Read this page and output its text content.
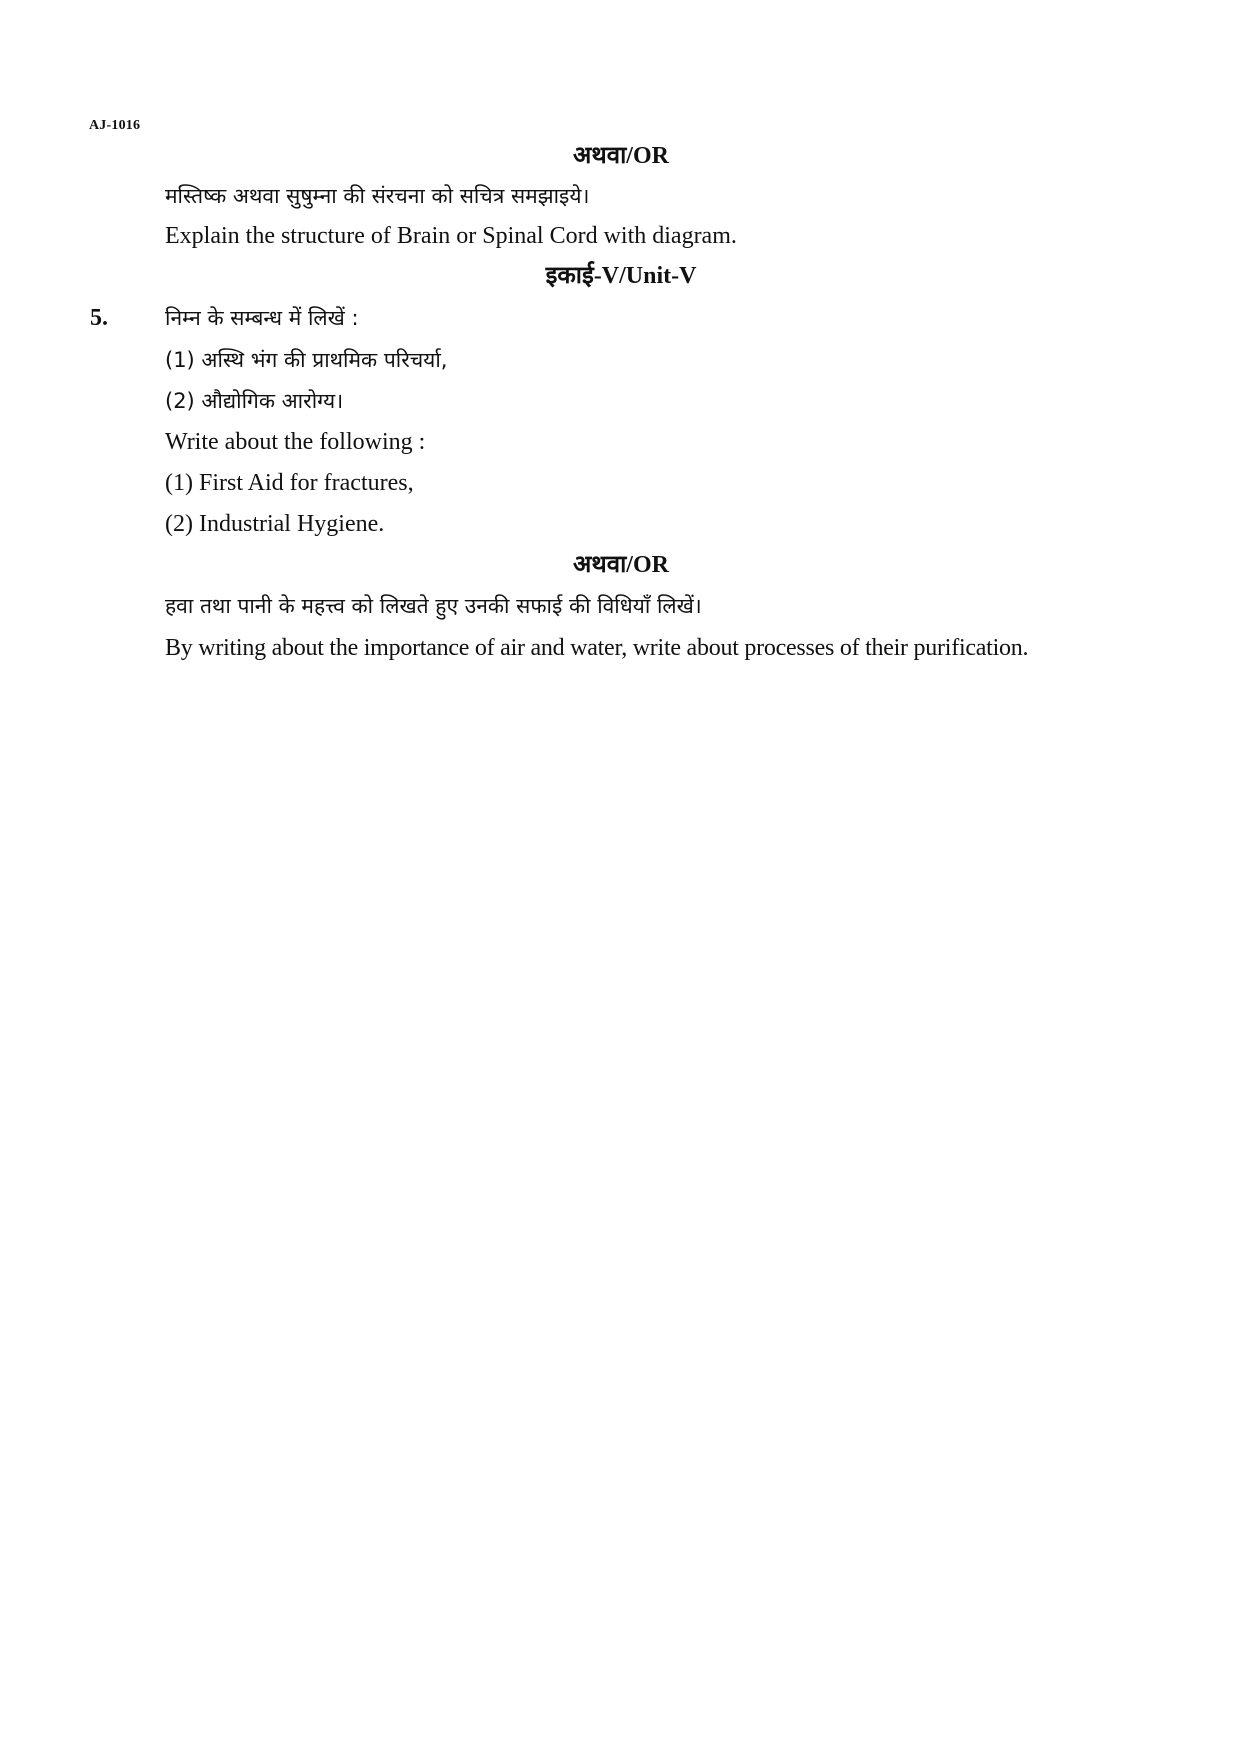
AJ-1016
अथवा/OR
मस्तिष्क अथवा सुषुम्ना की संरचना को सचित्र समझाइये।
Explain the structure of Brain or Spinal Cord with diagram.
इकाई-V/Unit-V
5.	निम्न के सम्बन्ध में लिखें :
(1) अस्थि भंग की प्राथमिक परिचर्या,
(2) औद्योगिक आरोग्य।
Write about the following :
(1) First Aid for fractures,
(2) Industrial Hygiene.
अथवा/OR
हवा तथा पानी के महत्त्व को लिखते हुए उनकी सफाई की विधियाँ लिखें।
By writing about the importance of air and water, write about processes of their purification.
